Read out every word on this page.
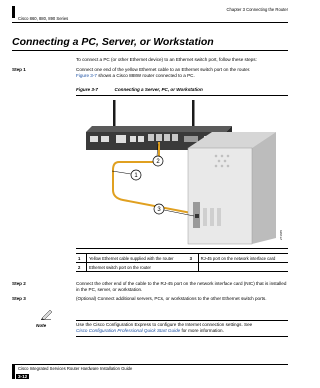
Chapter 3 Connecting the Router
Cisco 860, 880, 890 Series
Connecting a PC, Server, or Workstation
To connect a PC (or other Ethernet device) to an Ethernet switch port, follow these steps:
Step 1	Connect one end of the yellow Ethernet cable to an Ethernet switch port on the router.
Figure 3-7 shows a Cisco 888W router connected to a PC.
Figure 3-7	Connecting a Server, PC, or Workstation
1
2
3
271665
1	Yellow Ethernet cable supplied with the router	3	RJ-45 port on the network interface card
2	Ethernet switch port on the router		
Step 2	Connect the other end of the cable to the RJ-45 port on the network interface card (NIC) that is installed in the PC, server, or workstation.
Step 3	(Optional) Connect additional servers, PCs, or workstations to the other Ethernet switch ports.
Note	Use the Cisco Configuration Express to configure the Internet connection settings. See
Cisco Configuration Professional Quick Start Guide for more information.
Cisco Integrated Services Router Hardware Installation Guide
3-12
